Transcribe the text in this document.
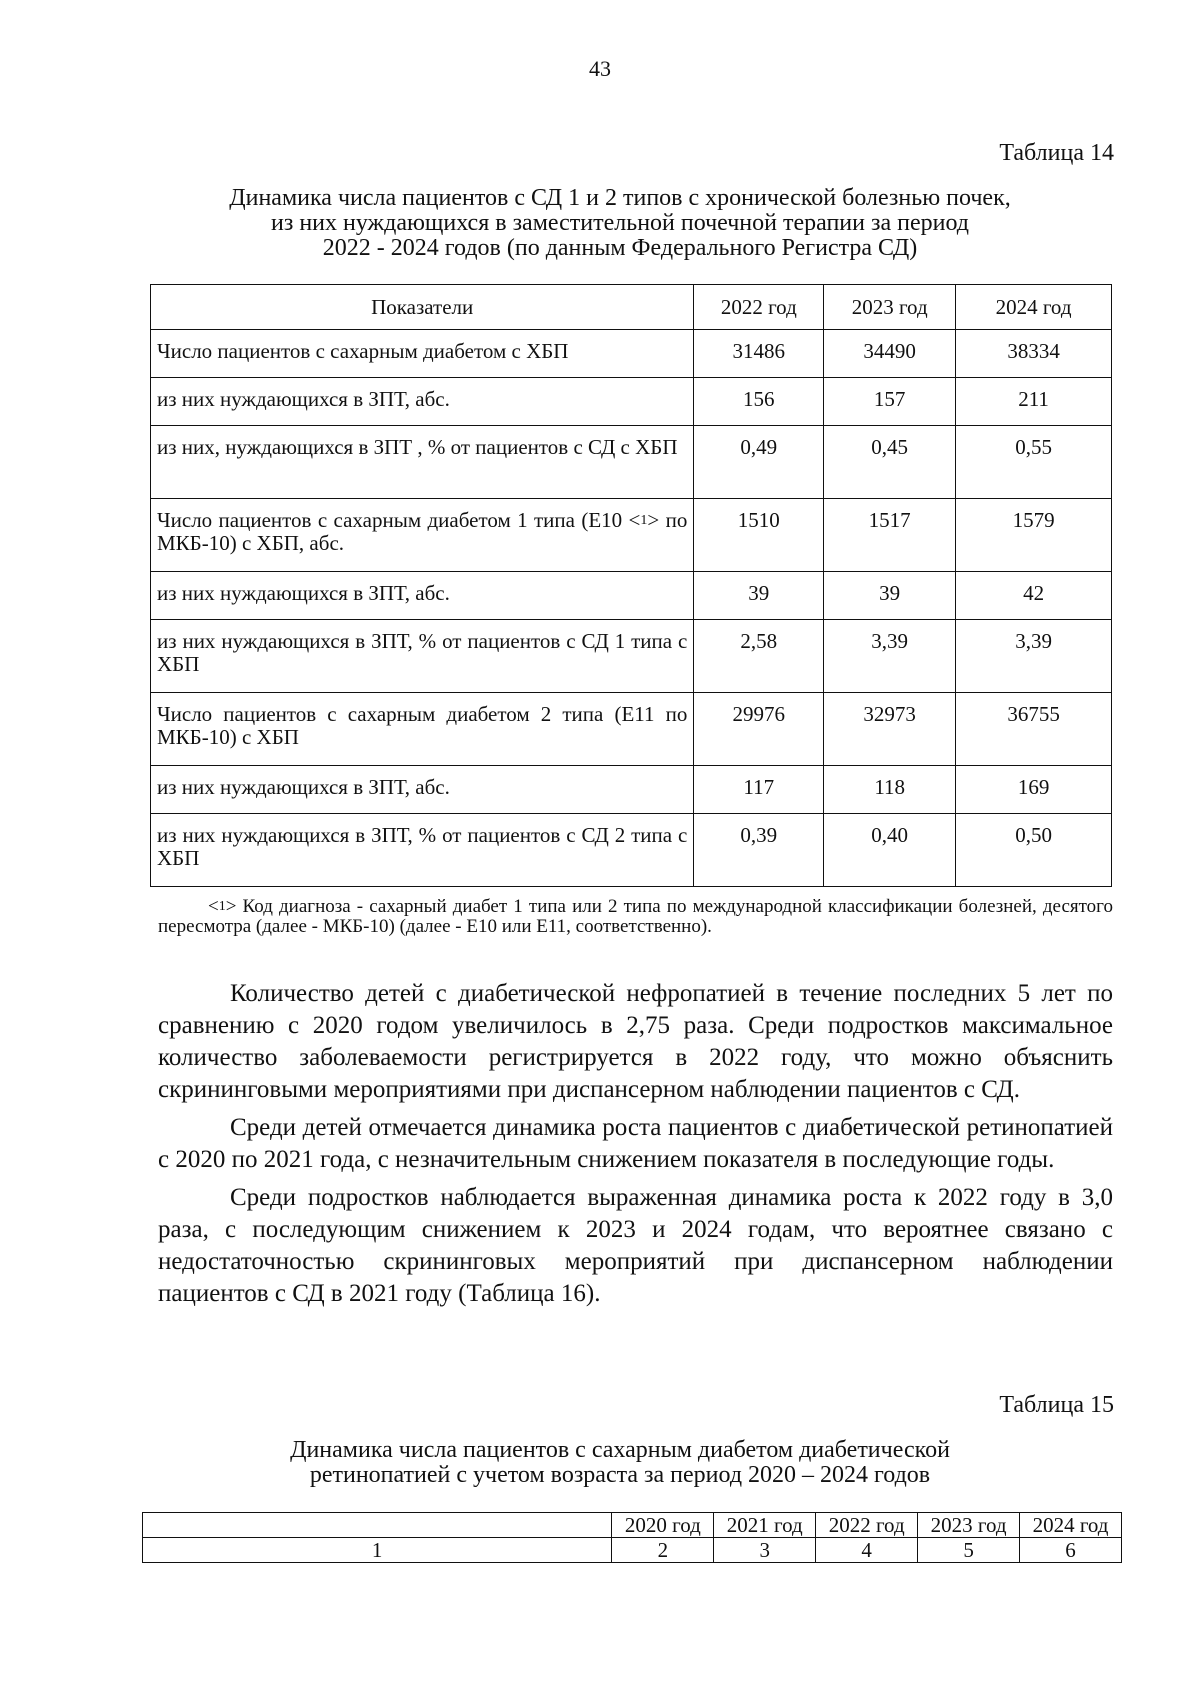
43
Таблица 14
Динамика числа пациентов с СД 1 и 2 типов с хронической болезнью почек,
из них нуждающихся в заместительной почечной терапии за период
2022 - 2024 годов (по данным Федерального Регистра СД)
Показатели	2022 год	2023 год	2024 год
Число пациентов с сахарным диабетом с ХБП	31486	34490	38334
из них нуждающихся в ЗПТ, абс.	156	157	211
из них, нуждающихся в ЗПТ , % от пациентов с СД с ХБП	0,49	0,45	0,55
Число пациентов с сахарным диабетом 1 типа (Е10 <$^1$> по МКБ-10) с ХБП, абс.	1510	1517	1579
из них нуждающихся в ЗПТ, абс.	39	39	42
из них нуждающихся в ЗПТ, % от пациентов с СД 1 типа с ХБП	2,58	3,39	3,39
Число пациентов с сахарным диабетом 2 типа (Е11 по МКБ-10) с ХБП	29976	32973	36755
из них нуждающихся в ЗПТ, абс.	117	118	169
из них нуждающихся в ЗПТ, % от пациентов с СД 2 типа с ХБП	0,39	0,40	0,50
<$^1$> Код диагноза - сахарный диабет 1 типа или 2 типа по международной классификации болезней, десятого пересмотра (далее - МКБ-10) (далее - Е10 или Е11, соответственно).

Количество детей с диабетической нефропатией в течение последних 5 лет по сравнению с 2020 годом увеличилось в 2,75 раза. Среди подростков максимальное количество заболеваемости регистрируется в 2022 году, что можно объяснить скрининговыми мероприятиями при диспансерном наблюдении пациентов с СД.

Среди детей отмечается динамика роста пациентов с диабетической ретинопатией с 2020 по 2021 года, с незначительным снижением показателя в последующие годы.

Среди подростков наблюдается выраженная динамика роста к 2022 году в 3,0 раза, с последующим снижением к 2023 и 2024 годам, что вероятнее связано с недостаточностью скрининговых мероприятий при диспансерном наблюдении пациентов с СД в 2021 году (Таблица 16).

Таблица 15
Динамика числа пациентов с сахарным диабетом диабетической
ретинопатией с учетом возраста за период 2020 – 2024 годов
	2020 год	2021 год	2022 год	2023 год	2024 год
1	2	3	4	5	6
